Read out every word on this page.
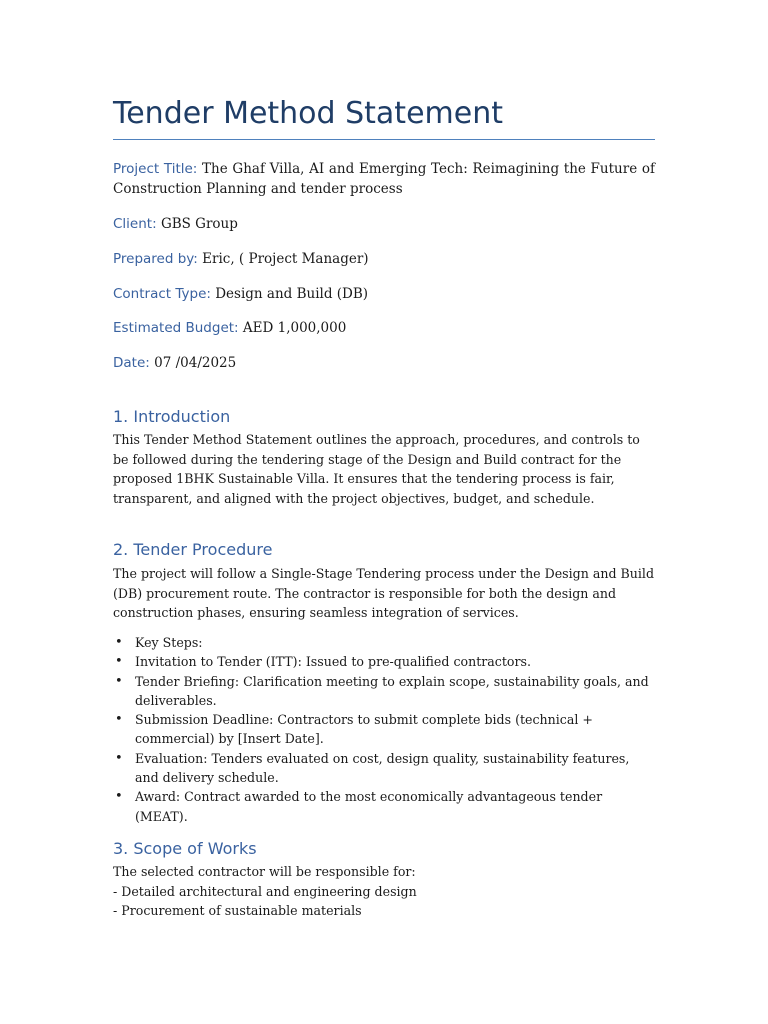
Tender Method Statement

Project Title: The Ghaf Villa, AI and Emerging Tech: Reimagining the Future of Construction Planning and tender process

Client: GBS Group

Prepared by: Eric, ( Project Manager)

Contract Type: Design and Build (DB)

Estimated Budget: AED 1,000,000

Date: 07 /04/2025

1. Introduction

This Tender Method Statement outlines the approach, procedures, and controls to be followed during the tendering stage of the Design and Build contract for the proposed 1BHK Sustainable Villa. It ensures that the tendering process is fair, transparent, and aligned with the project objectives, budget, and schedule.

2. Tender Procedure

The project will follow a Single-Stage Tendering process under the Design and Build (DB) procurement route. The contractor is responsible for both the design and construction phases, ensuring seamless integration of services.

• Key Steps:
• Invitation to Tender (ITT): Issued to pre-qualified contractors.
• Tender Briefing: Clarification meeting to explain scope, sustainability goals, and deliverables.
• Submission Deadline: Contractors to submit complete bids (technical + commercial) by [Insert Date].
• Evaluation: Tenders evaluated on cost, design quality, sustainability features, and delivery schedule.
• Award: Contract awarded to the most economically advantageous tender (MEAT).
3. Scope of Works
The selected contractor will be responsible for:
- Detailed architectural and engineering design
- Procurement of sustainable materials
